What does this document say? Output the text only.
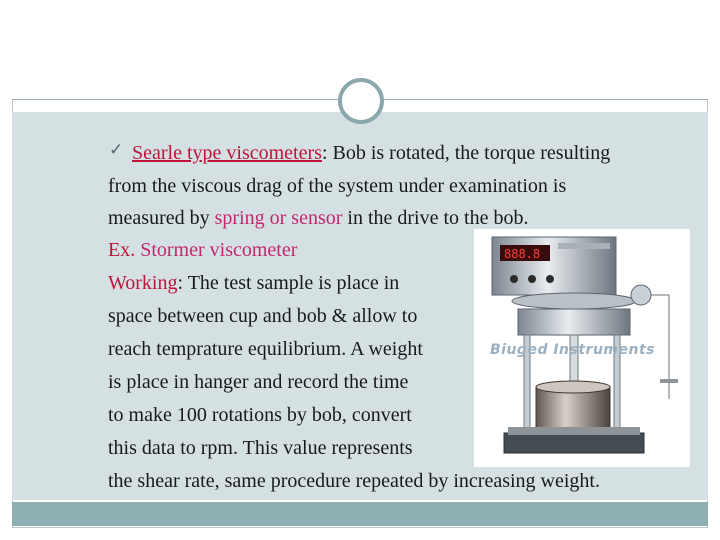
✓ Searle type viscometers: Bob is rotated, the torque resulting
from the viscous drag of the system under examination is
measured by spring or sensor in the drive to the bob.
Ex. Stormer viscometer
Working: The test sample is place in
space between cup and bob & allow to
reach temprature equilibrium. A weight
is place in hanger and record the time
to make 100 rotations by bob, convert
this data to rpm. This value represents
888.8
Biuged Instruments
the shear rate, same procedure repeated by increasing weight.
